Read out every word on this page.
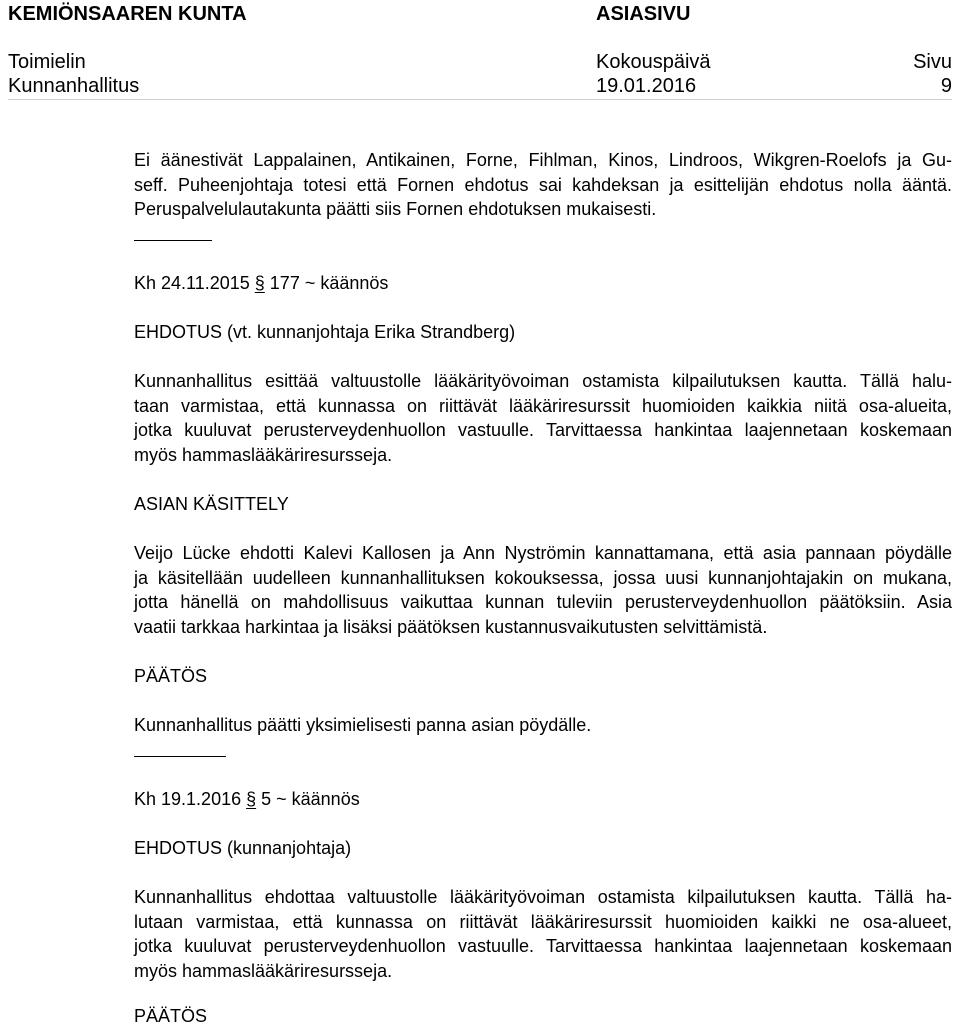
KEMIÖNSAAREN KUNTA	ASIASIVU
Toimielin	Kokouspäivä	Sivu
Kunnanhallitus	19.01.2016	9
Ei äänestivät Lappalainen, Antikainen, Forne, Fihlman, Kinos, Lindroos, Wikgren-Roelofs ja Gu-
seff. Puheenjohtaja totesi että Fornen ehdotus sai kahdeksan ja esittelijän ehdotus nolla ääntä.
Peruspalvelulautakunta päätti siis Fornen ehdotuksen mukaisesti.
Kh 24.11.2015 § 177 ~ käännös
EHDOTUS (vt. kunnanjohtaja Erika Strandberg)
Kunnanhallitus esittää valtuustolle lääkärityövoiman ostamista kilpailutuksen kautta. Tällä halu-
taan varmistaa, että kunnassa on riittävät lääkäriresurssit huomioiden kaikkia niitä osa-alueita,
jotka kuuluvat perusterveydenhuollon vastuulle. Tarvittaessa hankintaa laajennetaan koskemaan
myös hammaslääkäriresursseja.
ASIAN KÄSITTELY
Veijo Lücke ehdotti Kalevi Kallosen ja Ann Nyströmin kannattamana, että asia pannaan pöydälle
ja käsitellään uudelleen kunnanhallituksen kokouksessa, jossa uusi kunnanjohtajakin on mukana,
jotta hänellä on mahdollisuus vaikuttaa kunnan tuleviin perusterveydenhuollon päätöksiin. Asia
vaatii tarkkaa harkintaa ja lisäksi päätöksen kustannusvaikutusten selvittämistä.
PÄÄTÖS
Kunnanhallitus päätti yksimielisesti panna asian pöydälle.
Kh 19.1.2016 § 5 ~ käännös
EHDOTUS (kunnanjohtaja)
Kunnanhallitus ehdottaa valtuustolle lääkärityövoiman ostamista kilpailutuksen kautta. Tällä ha-
lutaan varmistaa, että kunnassa on riittävät lääkäriresurssit huomioiden kaikki ne osa-alueet,
jotka kuuluvat perusterveydenhuollon vastuulle. Tarvittaessa hankintaa laajennetaan koskemaan
myös hammaslääkäriresursseja.
PÄÄTÖS
